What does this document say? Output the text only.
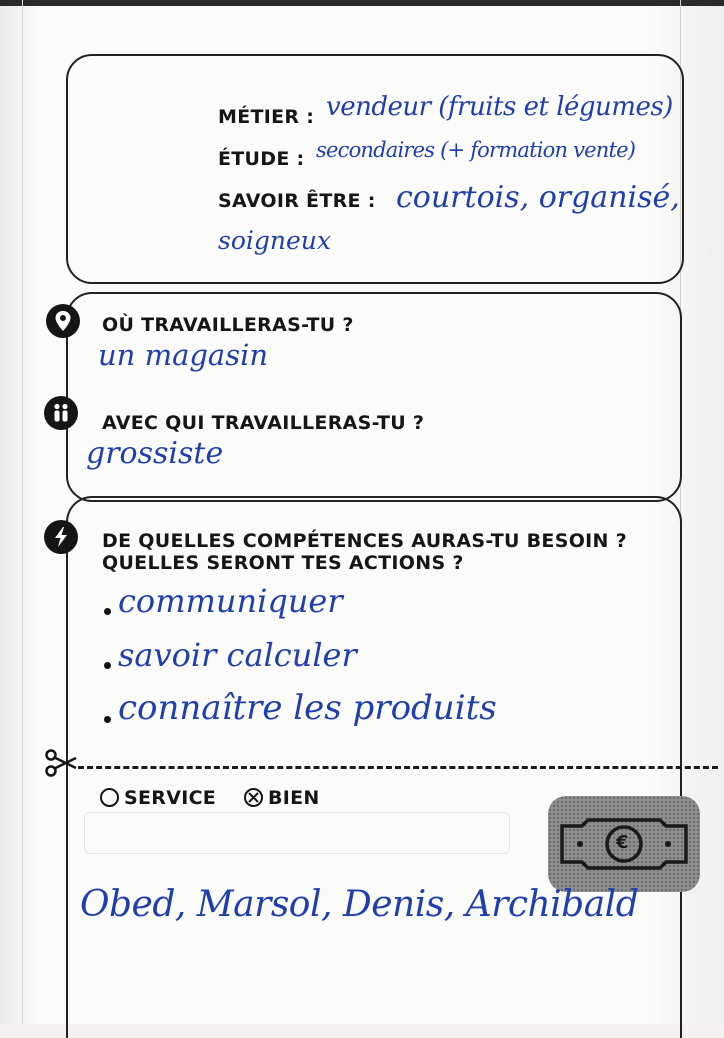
MÉTIER : vendeur (fruits et légumes)
ÉTUDE : secondaires (+ formation vente)
SAVOIR ÊTRE : courtois, organisé,
soigneux
OÙ TRAVAILLERAS-TU ?
un magasin
AVEC QUI TRAVAILLERAS-TU ?
grossiste
DE QUELLES COMPÉTENCES AURAS-TU BESOIN ?
QUELLES SERONT TES ACTIONS ?
communiquer
savoir calculer
connaître les produits
SERVICE	BIEN
€
Obed, Marsol, Denis, Archibald
